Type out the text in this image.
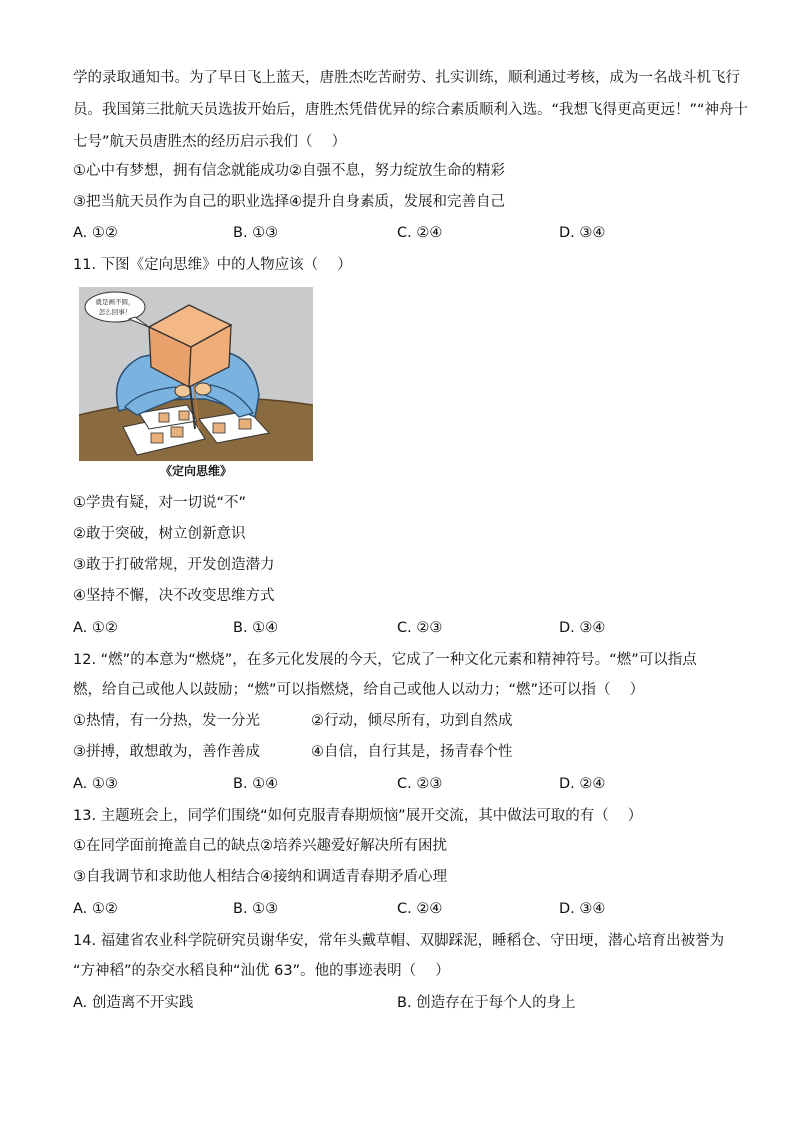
学的录取通知书。为了早日飞上蓝天，唐胜杰吃苦耐劳、扎实训练，顺利通过考核，成为一名战斗机飞行
员。我国第三批航天员选拔开始后，唐胜杰凭借优异的综合素质顺利入选。“我想飞得更高更远！”“神舟十
七号”航天员唐胜杰的经历启示我们（　 ）
①心中有梦想，拥有信念就能成功②自强不息，努力绽放生命的精彩
③把当航天员作为自己的职业选择④提升自身素质，发展和完善自己
A. ①②	B. ①③	C. ②④	D. ③④
11. 下图《定向思维》中的人物应该（　 ）
就是画不圆，
怎么回事！
《定向思维》
①学贵有疑，对一切说“不”
②敢于突破，树立创新意识
③敢于打破常规，开发创造潜力
④坚持不懈，决不改变思维方式
A. ①②	B. ①④	C. ②③	D. ③④
12. “燃”的本意为“燃烧”，在多元化发展的今天，它成了一种文化元素和精神符号。“燃”可以指点
燃，给自己或他人以鼓励；“燃”可以指燃烧，给自己或他人以动力；“燃”还可以指（　 ）
①热情，有一分热，发一分光	②行动，倾尽所有，功到自然成
③拼搏，敢想敢为，善作善成	④自信，自行其是，扬青春个性
A. ①③	B. ①④	C. ②③	D. ②④
13. 主题班会上，同学们围绕“如何克服青春期烦恼”展开交流，其中做法可取的有（　 ）
①在同学面前掩盖自己的缺点②培养兴趣爱好解决所有困扰
③自我调节和求助他人相结合④接纳和调适青春期矛盾心理
A. ①②	B. ①③	C. ②④	D. ③④
14. 福建省农业科学院研究员谢华安，常年头戴草帽、双脚踩泥，睡稻仓、守田埂，潜心培育出被誉为
“方神稻”的杂交水稻良种“汕优 63”。他的事迹表明（　 ）
A. 创造离不开实践	B. 创造存在于每个人的身上
